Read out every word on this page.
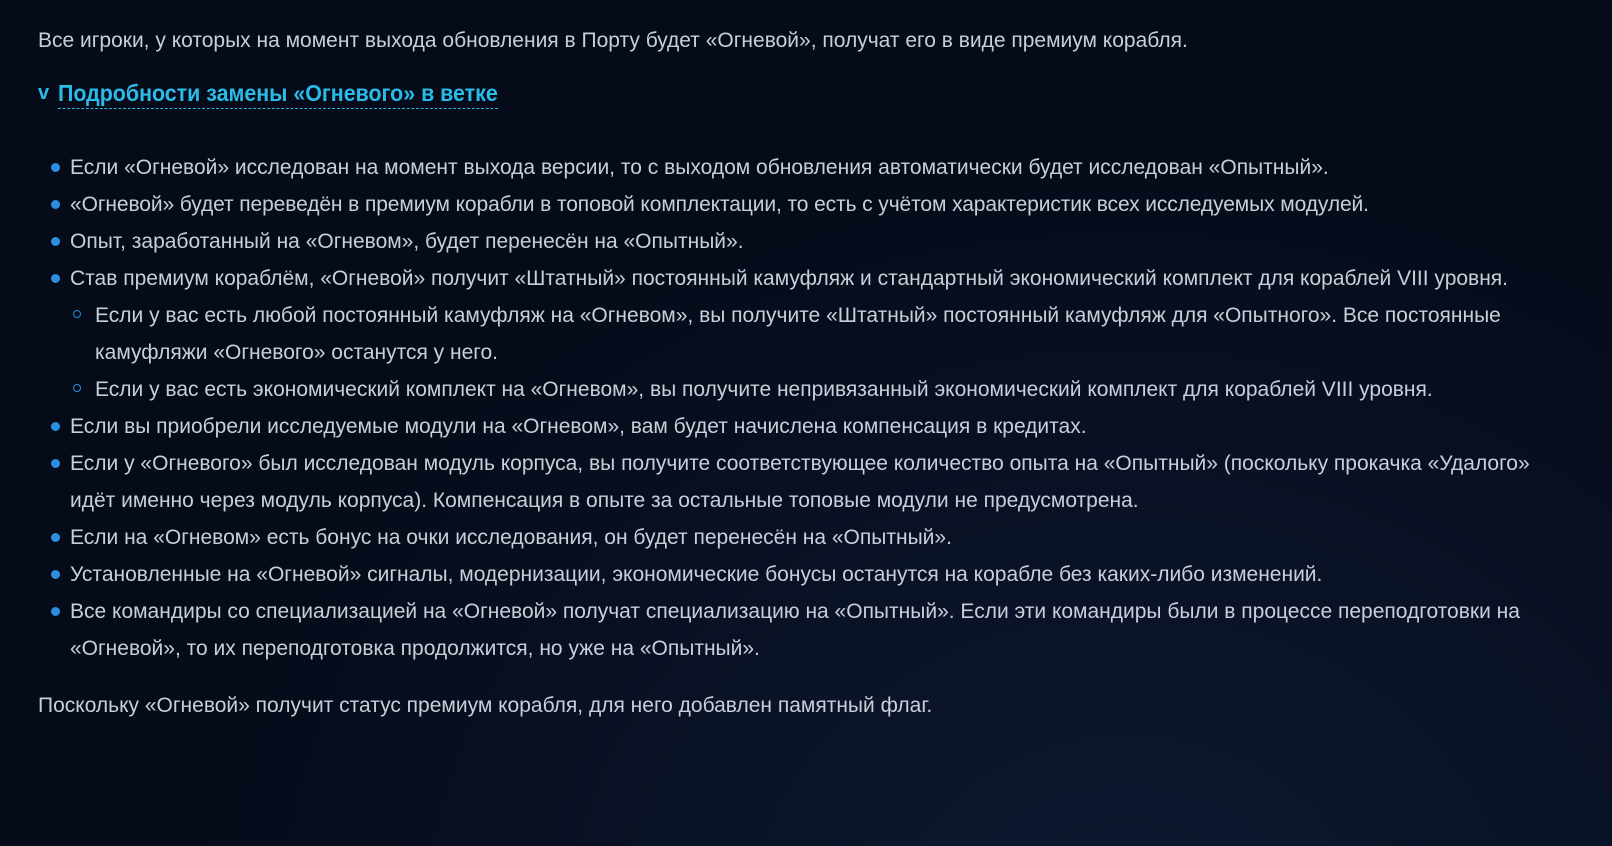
Все игроки, у которых на момент выхода обновления в Порту будет «Огневой», получат его в виде премиум корабля.

v Подробности замены «Огневого» в ветке
Если «Огневой» исследован на момент выхода версии, то с выходом обновления автоматически будет исследован «Опытный».
«Огневой» будет переведён в премиум корабли в топовой комплектации, то есть с учётом характеристик всех исследуемых модулей.
Опыт, заработанный на «Огневом», будет перенесён на «Опытный».
Став премиум кораблём, «Огневой» получит «Штатный» постоянный камуфляж и стандартный экономический комплект для кораблей VIII уровня.
Если у вас есть любой постоянный камуфляж на «Огневом», вы получите «Штатный» постоянный камуфляж для «Опытного». Все постоянные камуфляжи «Огневого» останутся у него.
Если у вас есть экономический комплект на «Огневом», вы получите непривязанный экономический комплект для кораблей VIII уровня.
Если вы приобрели исследуемые модули на «Огневом», вам будет начислена компенсация в кредитах.
Если у «Огневого» был исследован модуль корпуса, вы получите соответствующее количество опыта на «Опытный» (поскольку прокачка «Удалого» идёт именно через модуль корпуса). Компенсация в опыте за остальные топовые модули не предусмотрена.
Если на «Огневом» есть бонус на очки исследования, он будет перенесён на «Опытный».
Установленные на «Огневой» сигналы, модернизации, экономические бонусы останутся на корабле без каких-либо изменений.
Все командиры со специализацией на «Огневой» получат специализацию на «Опытный». Если эти командиры были в процессе переподготовки на «Огневой», то их переподготовка продолжится, но уже на «Опытный».

Поскольку «Огневой» получит статус премиум корабля, для него добавлен памятный флаг.
